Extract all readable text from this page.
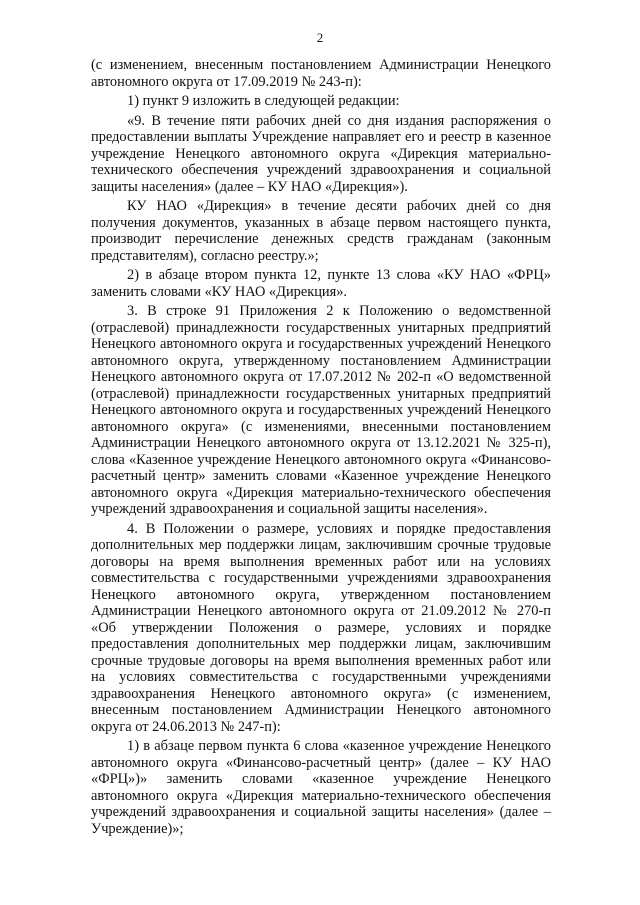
2

(с изменением, внесенным постановлением Администрации Ненецкого автономного округа от 17.09.2019 № 243-п):

1) пункт 9 изложить в следующей редакции:

«9. В течение пяти рабочих дней со дня издания распоряжения о предоставлении выплаты Учреждение направляет его и реестр в казенное учреждение Ненецкого автономного округа «Дирекция материально-технического обеспечения учреждений здравоохранения и социальной защиты населения» (далее – КУ НАО «Дирекция»).

КУ НАО «Дирекция» в течение десяти рабочих дней со дня получения документов, указанных в абзаце первом настоящего пункта, производит перечисление денежных средств гражданам (законным представителям), согласно реестру.»;

2) в абзаце втором пункта 12, пункте 13 слова «КУ НАО «ФРЦ» заменить словами «КУ НАО «Дирекция».

3. В строке 91 Приложения 2 к Положению о ведомственной (отраслевой) принадлежности государственных унитарных предприятий Ненецкого автономного округа и государственных учреждений Ненецкого автономного округа, утвержденному постановлением Администрации Ненецкого автономного округа от 17.07.2012 № 202-п «О ведомственной (отраслевой) принадлежности государственных унитарных предприятий Ненецкого автономного округа и государственных учреждений Ненецкого автономного округа» (с изменениями, внесенными постановлением Администрации Ненецкого автономного округа от 13.12.2021 № 325-п), слова «Казенное учреждение Ненецкого автономного округа «Финансово-расчетный центр» заменить словами «Казенное учреждение Ненецкого автономного округа «Дирекция материально-технического обеспечения учреждений здравоохранения и социальной защиты населения».

4. В Положении о размере, условиях и порядке предоставления дополнительных мер поддержки лицам, заключившим срочные трудовые договоры на время выполнения временных работ или на условиях совместительства с государственными учреждениями здравоохранения Ненецкого автономного округа, утвержденном постановлением Администрации Ненецкого автономного округа от 21.09.2012 № 270-п «Об утверждении Положения о размере, условиях и порядке предоставления дополнительных мер поддержки лицам, заключившим срочные трудовые договоры на время выполнения временных работ или на условиях совместительства с государственными учреждениями здравоохранения Ненецкого автономного округа» (с изменением, внесенным постановлением Администрации Ненецкого автономного округа от 24.06.2013 № 247-п):

1) в абзаце первом пункта 6 слова «казенное учреждение Ненецкого автономного округа «Финансово-расчетный центр» (далее – КУ НАО «ФРЦ»)» заменить словами «казенное учреждение Ненецкого автономного округа «Дирекция материально-технического обеспечения учреждений здравоохранения и социальной защиты населения» (далее – Учреждение)»;
